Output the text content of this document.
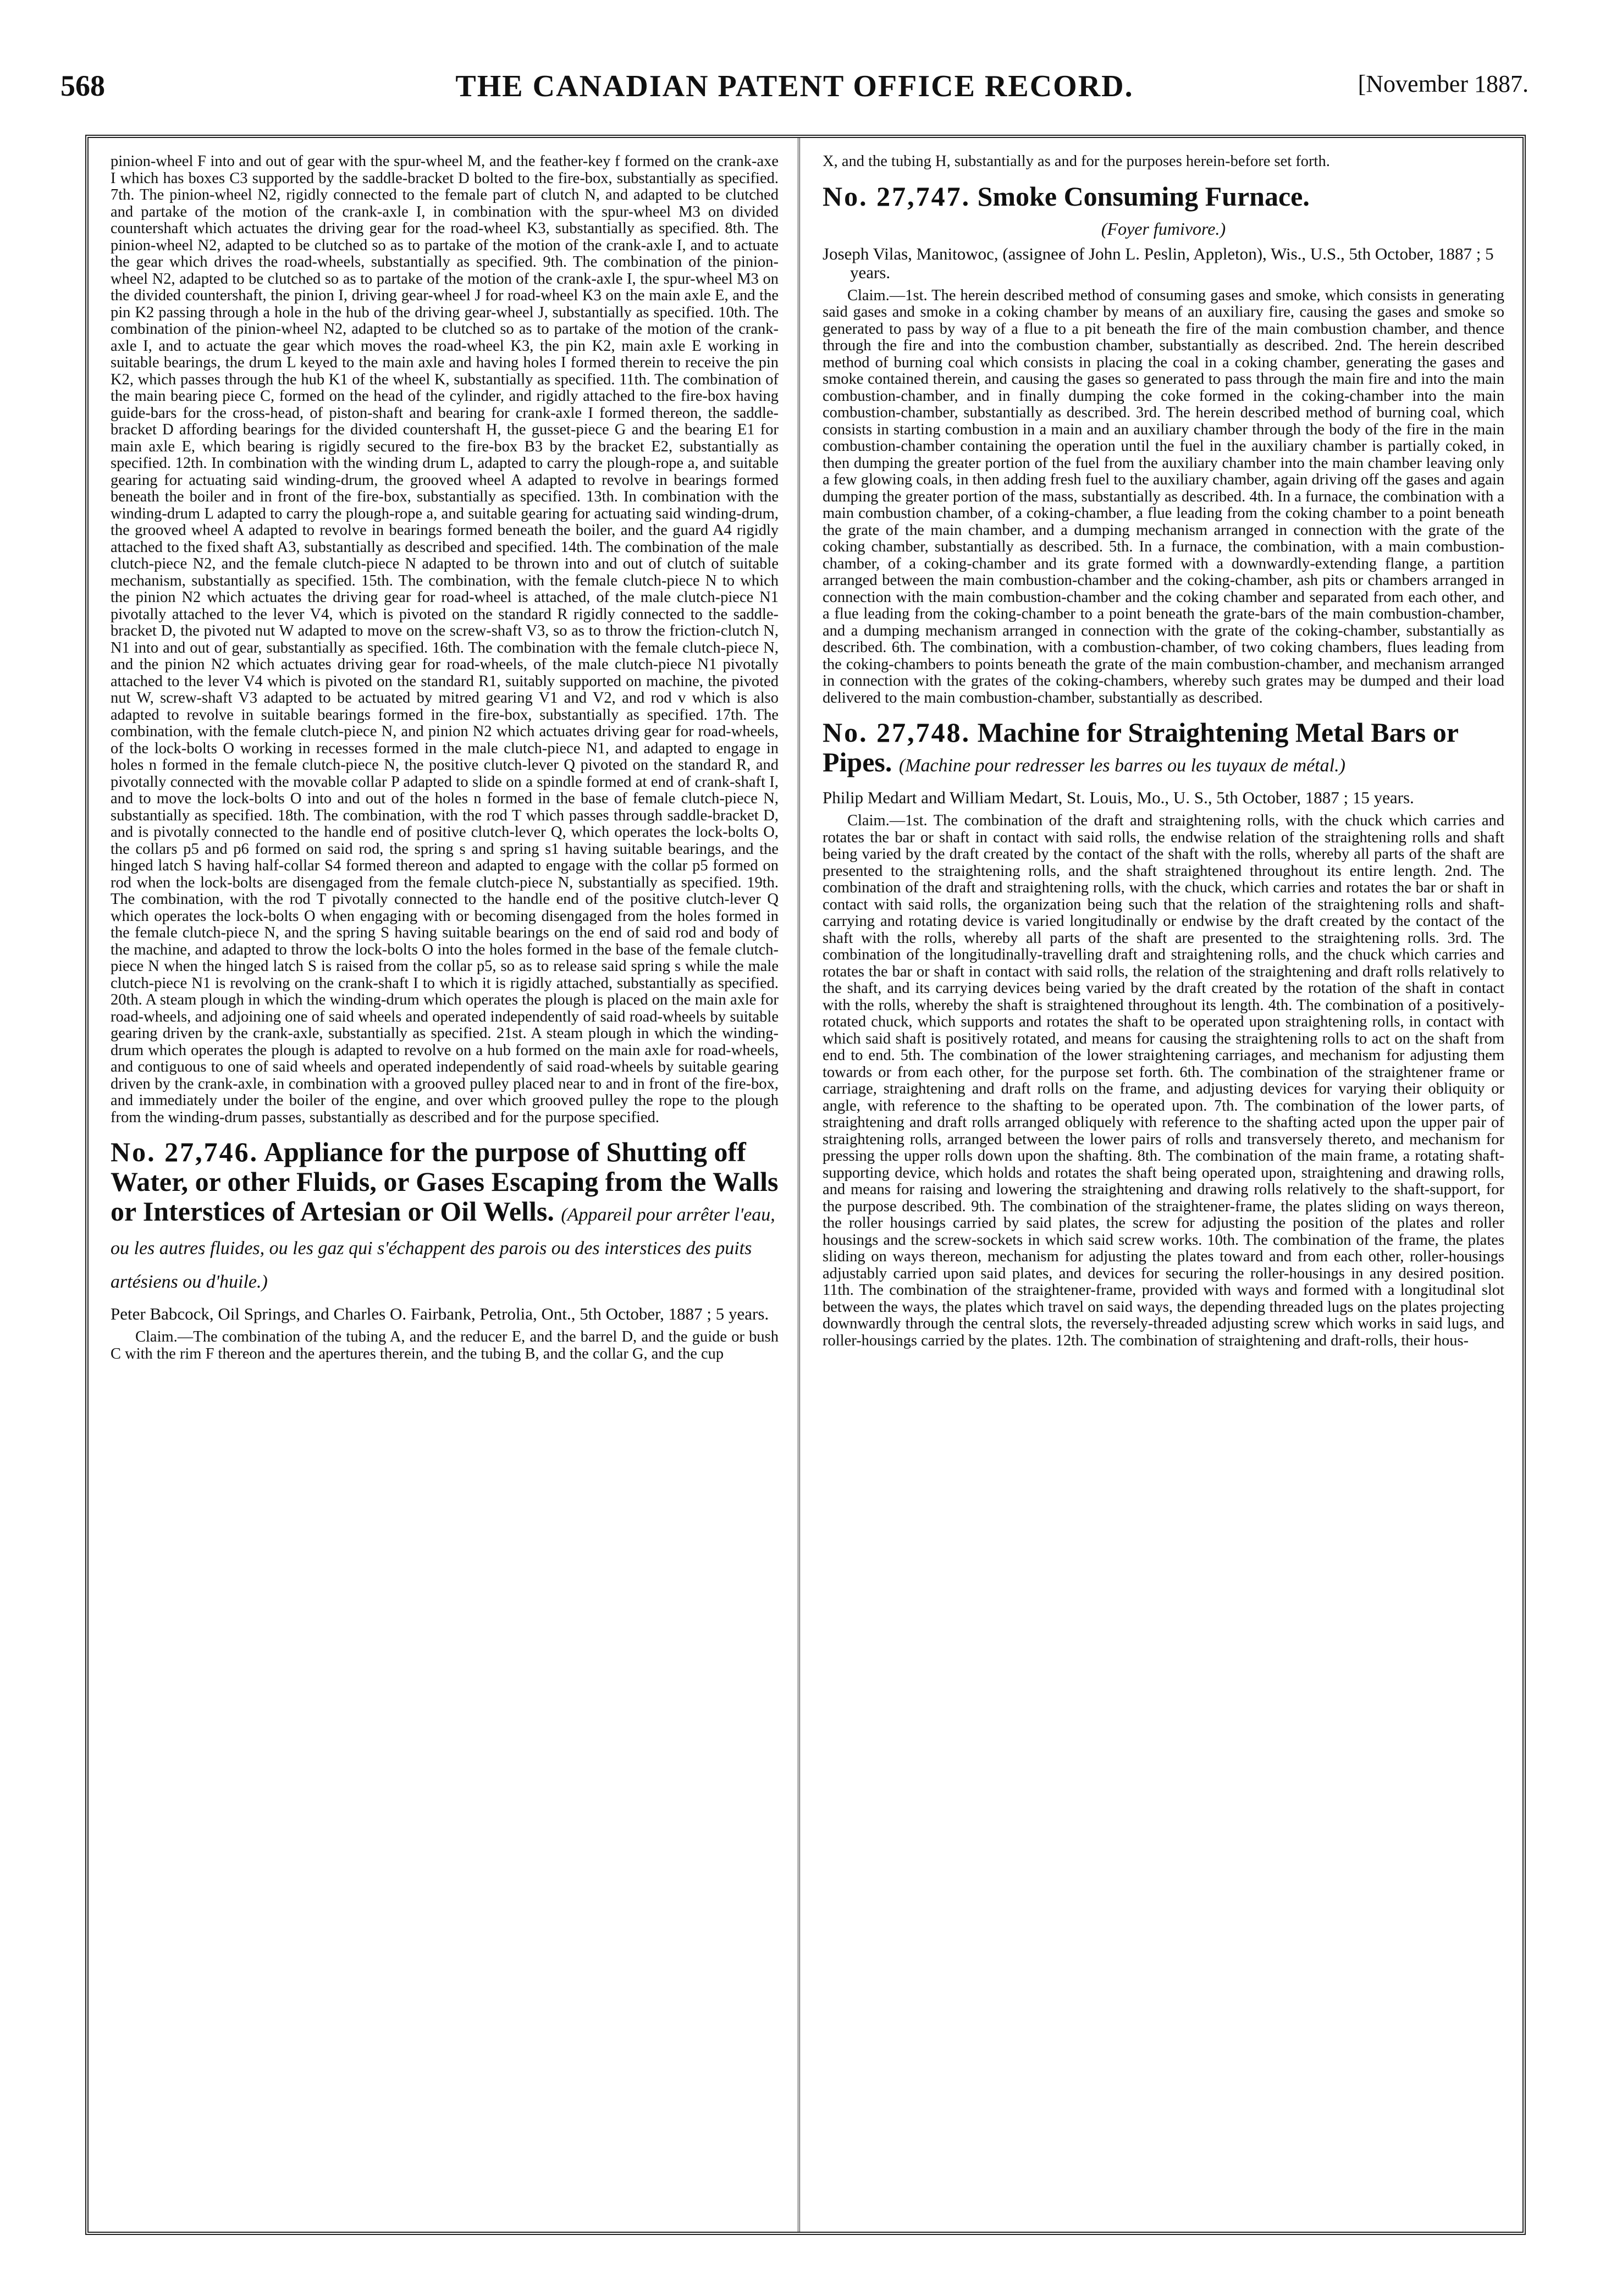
568	THE CANADIAN PATENT OFFICE RECORD.	[November 1887.

pinion-wheel F into and out of gear with the spur-wheel M, and the feather-key f formed on the crank-axe I which has boxes C3 supported by the saddle-bracket D bolted to the fire-box, substantially as specified. 7th. The pinion-wheel N2, rigidly connected to the female part of clutch N, and adapted to be clutched and partake of the motion of the crank-axle I, in combination with the spur-wheel M3 on divided countershaft which actuates the driving gear for the road-wheel K3, substantially as specified. 8th. The pinion-wheel N2, adapted to be clutched so as to partake of the motion of the crank-axle I, and to actuate the gear which drives the road-wheels, substantially as specified. 9th. The combination of the pinion-wheel N2, adapted to be clutched so as to partake of the motion of the crank-axle I, the spur-wheel M3 on the divided countershaft, the pinion I, driving gear-wheel J for road-wheel K3 on the main axle E, and the pin K2 passing through a hole in the hub of the driving gear-wheel J, substantially as specified. 10th. The combination of the pinion-wheel N2, adapted to be clutched so as to partake of the motion of the crank-axle I, and to actuate the gear which moves the road-wheel K3, the pin K2, main axle E working in suitable bearings, the drum L keyed to the main axle and having holes I formed therein to receive the pin K2, which passes through the hub K1 of the wheel K, substantially as specified. 11th. The combination of the main bearing piece C, formed on the head of the cylinder, and rigidly attached to the fire-box having guide-bars for the cross-head, of piston-shaft and bearing for crank-axle I formed thereon, the saddle-bracket D affording bearings for the divided countershaft H, the gusset-piece G and the bearing E1 for main axle E, which bearing is rigidly secured to the fire-box B3 by the bracket E2, substantially as specified. 12th. In combination with the winding drum L, adapted to carry the plough-rope a, and suitable gearing for actuating said winding-drum, the grooved wheel A adapted to revolve in bearings formed beneath the boiler and in front of the fire-box, substantially as specified. 13th. In combination with the winding-drum L adapted to carry the plough-rope a, and suitable gearing for actuating said winding-drum, the grooved wheel A adapted to revolve in bearings formed beneath the boiler, and the guard A4 rigidly attached to the fixed shaft A3, substantially as described and specified. 14th. The combination of the male clutch-piece N2, and the female clutch-piece N adapted to be thrown into and out of clutch of suitable mechanism, substantially as specified. 15th. The combination, with the female clutch-piece N to which the pinion N2 which actuates the driving gear for road-wheel is attached, of the male clutch-piece N1 pivotally attached to the lever V4, which is pivoted on the standard R rigidly connected to the saddle-bracket D, the pivoted nut W adapted to move on the screw-shaft V3, so as to throw the friction-clutch N, N1 into and out of gear, substantially as specified. 16th. The combination with the female clutch-piece N, and the pinion N2 which actuates driving gear for road-wheels, of the male clutch-piece N1 pivotally attached to the lever V4 which is pivoted on the standard R1, suitably supported on machine, the pivoted nut W, screw-shaft V3 adapted to be actuated by mitred gearing V1 and V2, and rod v which is also adapted to revolve in suitable bearings formed in the fire-box, substantially as specified. 17th. The combination, with the female clutch-piece N, and pinion N2 which actuates driving gear for road-wheels, of the lock-bolts O working in recesses formed in the male clutch-piece N1, and adapted to engage in holes n formed in the female clutch-piece N, the positive clutch-lever Q pivoted on the standard R, and pivotally connected with the movable collar P adapted to slide on a spindle formed at end of crank-shaft I, and to move the lock-bolts O into and out of the holes n formed in the base of female clutch-piece N, substantially as specified. 18th. The combination, with the rod T which passes through saddle-bracket D, and is pivotally connected to the handle end of positive clutch-lever Q, which operates the lock-bolts O, the collars p5 and p6 formed on said rod, the spring s and spring s1 having suitable bearings, and the hinged latch S having half-collar S4 formed thereon and adapted to engage with the collar p5 formed on rod when the lock-bolts are disengaged from the female clutch-piece N, substantially as specified. 19th. The combination, with the rod T pivotally connected to the handle end of the positive clutch-lever Q which operates the lock-bolts O when engaging with or becoming disengaged from the holes formed in the female clutch-piece N, and the spring S having suitable bearings on the end of said rod and body of the machine, and adapted to throw the lock-bolts O into the holes formed in the base of the female clutch-piece N when the hinged latch S is raised from the collar p5, so as to release said spring s while the male clutch-piece N1 is revolving on the crank-shaft I to which it is rigidly attached, substantially as specified. 20th. A steam plough in which the winding-drum which operates the plough is placed on the main axle for road-wheels, and adjoining one of said wheels and operated independently of said road-wheels by suitable gearing driven by the crank-axle, substantially as specified. 21st. A steam plough in which the winding-drum which operates the plough is adapted to revolve on a hub formed on the main axle for road-wheels, and contiguous to one of said wheels and operated independently of said road-wheels by suitable gearing driven by the crank-axle, in combination with a grooved pulley placed near to and in front of the fire-box, and immediately under the boiler of the engine, and over which grooved pulley the rope to the plough from the winding-drum passes, substantially as described and for the purpose specified.

No. 27,746. Appliance for the purpose of Shutting off Water, or other Fluids, or Gases Escaping from the Walls or Interstices of Artesian or Oil Wells. (Appareil pour arrêter l'eau, ou les autres fluides, ou les gaz qui s'échappent des parois ou des interstices des puits artésiens ou d'huile.)

Peter Babcock, Oil Springs, and Charles O. Fairbank, Petrolia, Ont., 5th October, 1887 ; 5 years.

Claim.—The combination of the tubing A, and the reducer E, and the barrel D, and the guide or bush C with the rim F thereon and the apertures therein, and the tubing B, and the collar G, and the cup

X, and the tubing H, substantially as and for the purposes herein-before set forth.

No. 27,747. Smoke Consuming Furnace.
(Foyer fumivore.)

Joseph Vilas, Manitowoc, (assignee of John L. Peslin, Appleton), Wis., U.S., 5th October, 1887 ; 5 years.

Claim.—1st. The herein described method of consuming gases and smoke, which consists in generating said gases and smoke in a coking chamber by means of an auxiliary fire, causing the gases and smoke so generated to pass by way of a flue to a pit beneath the fire of the main combustion chamber, and thence through the fire and into the combustion chamber, substantially as described. 2nd. The herein described method of burning coal which consists in placing the coal in a coking chamber, generating the gases and smoke contained therein, and causing the gases so generated to pass through the main fire and into the main combustion-chamber, and in finally dumping the coke formed in the coking-chamber into the main combustion-chamber, substantially as described. 3rd. The herein described method of burning coal, which consists in starting combustion in a main and an auxiliary chamber through the body of the fire in the main combustion-chamber containing the operation until the fuel in the auxiliary chamber is partially coked, in then dumping the greater portion of the fuel from the auxiliary chamber into the main chamber leaving only a few glowing coals, in then adding fresh fuel to the auxiliary chamber, again driving off the gases and again dumping the greater portion of the mass, substantially as described. 4th. In a furnace, the combination with a main combustion chamber, of a coking-chamber, a flue leading from the coking chamber to a point beneath the grate of the main chamber, and a dumping mechanism arranged in connection with the grate of the coking chamber, substantially as described. 5th. In a furnace, the combination, with a main combustion-chamber, of a coking-chamber and its grate formed with a downwardly-extending flange, a partition arranged between the main combustion-chamber and the coking-chamber, ash pits or chambers arranged in connection with the main combustion-chamber and the coking chamber and separated from each other, and a flue leading from the coking-chamber to a point beneath the grate-bars of the main combustion-chamber, and a dumping mechanism arranged in connection with the grate of the coking-chamber, substantially as described. 6th. The combination, with a combustion-chamber, of two coking chambers, flues leading from the coking-chambers to points beneath the grate of the main combustion-chamber, and mechanism arranged in connection with the grates of the coking-chambers, whereby such grates may be dumped and their load delivered to the main combustion-chamber, substantially as described.

No. 27,748. Machine for Straightening Metal Bars or Pipes. (Machine pour redresser les barres ou les tuyaux de métal.)

Philip Medart and William Medart, St. Louis, Mo., U. S., 5th October, 1887 ; 15 years.

Claim.—1st. The combination of the draft and straightening rolls, with the chuck which carries and rotates the bar or shaft in contact with said rolls, the endwise relation of the straightening rolls and shaft being varied by the draft created by the contact of the shaft with the rolls, whereby all parts of the shaft are presented to the straightening rolls, and the shaft straightened throughout its entire length. 2nd. The combination of the draft and straightening rolls, with the chuck, which carries and rotates the bar or shaft in contact with said rolls, the organization being such that the relation of the straightening rolls and shaft-carrying and rotating device is varied longitudinally or endwise by the draft created by the contact of the shaft with the rolls, whereby all parts of the shaft are presented to the straightening rolls. 3rd. The combination of the longitudinally-travelling draft and straightening rolls, and the chuck which carries and rotates the bar or shaft in contact with said rolls, the relation of the straightening and draft rolls relatively to the shaft, and its carrying devices being varied by the draft created by the rotation of the shaft in contact with the rolls, whereby the shaft is straightened throughout its length. 4th. The combination of a positively-rotated chuck, which supports and rotates the shaft to be operated upon straightening rolls, in contact with which said shaft is positively rotated, and means for causing the straightening rolls to act on the shaft from end to end. 5th. The combination of the lower straightening carriages, and mechanism for adjusting them towards or from each other, for the purpose set forth. 6th. The combination of the straightener frame or carriage, straightening and draft rolls on the frame, and adjusting devices for varying their obliquity or angle, with reference to the shafting to be operated upon. 7th. The combination of the lower parts, of straightening and draft rolls arranged obliquely with reference to the shafting acted upon the upper pair of straightening rolls, arranged between the lower pairs of rolls and transversely thereto, and mechanism for pressing the upper rolls down upon the shafting. 8th. The combination of the main frame, a rotating shaft-supporting device, which holds and rotates the shaft being operated upon, straightening and drawing rolls, and means for raising and lowering the straightening and drawing rolls relatively to the shaft-support, for the purpose described. 9th. The combination of the straightener-frame, the plates sliding on ways thereon, the roller housings carried by said plates, the screw for adjusting the position of the plates and roller housings and the screw-sockets in which said screw works. 10th. The combination of the frame, the plates sliding on ways thereon, mechanism for adjusting the plates toward and from each other, roller-housings adjustably carried upon said plates, and devices for securing the roller-housings in any desired position. 11th. The combination of the straightener-frame, provided with ways and formed with a longitudinal slot between the ways, the plates which travel on said ways, the depending threaded lugs on the plates projecting downwardly through the central slots, the reversely-threaded adjusting screw which works in said lugs, and roller-housings carried by the plates. 12th. The combination of straightening and draft-rolls, their hous-
